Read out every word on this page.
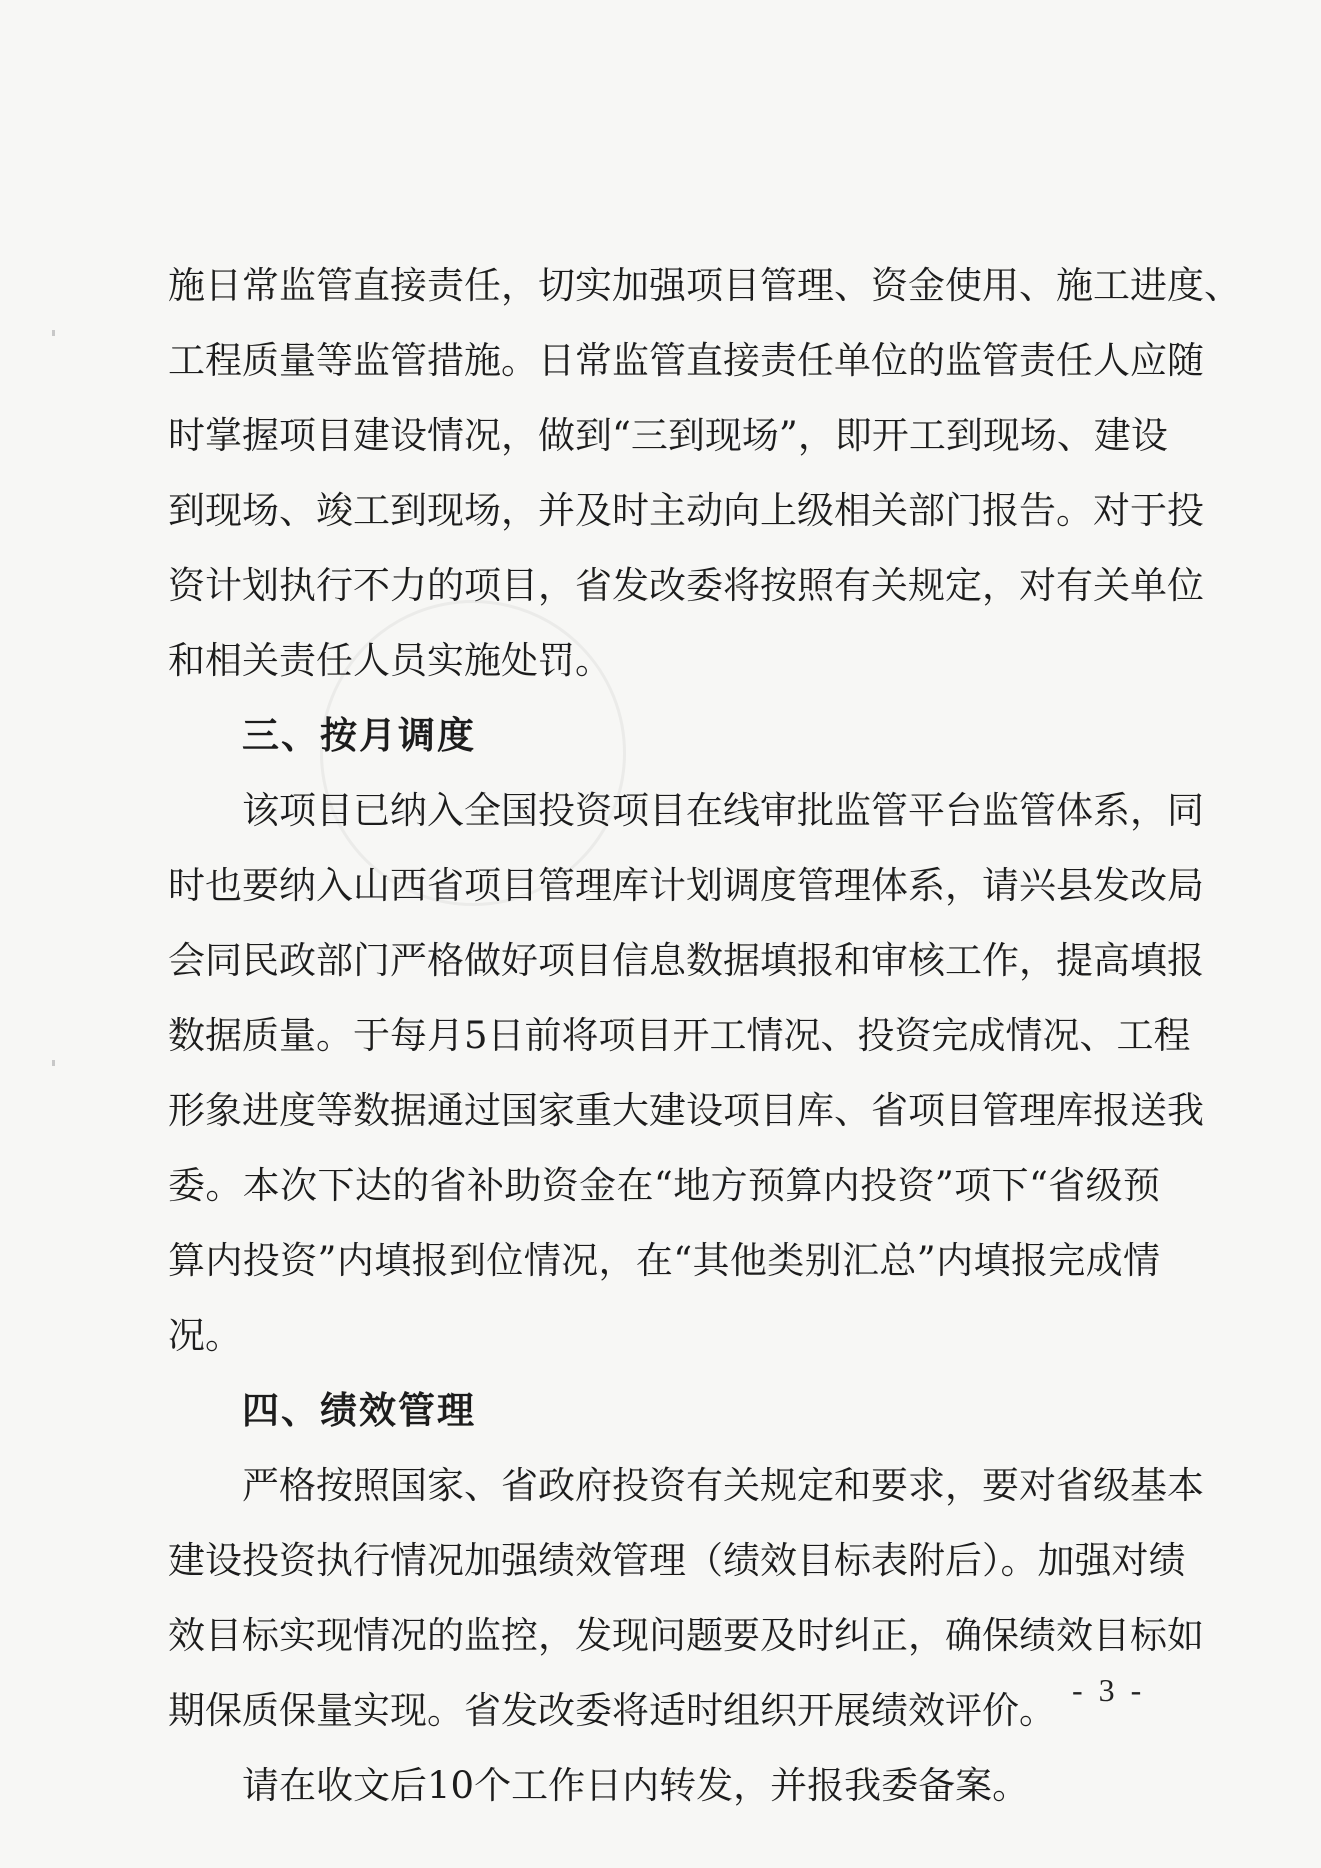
施日常监管直接责任，切实加强项目管理、资金使用、施工进度、
工程质量等监管措施。日常监管直接责任单位的监管责任人应随
时掌握项目建设情况，做到“三到现场”，即开工到现场、建设
到现场、竣工到现场，并及时主动向上级相关部门报告。对于投
资计划执行不力的项目，省发改委将按照有关规定，对有关单位
和相关责任人员实施处罚。
三、按月调度
该项目已纳入全国投资项目在线审批监管平台监管体系，同
时也要纳入山西省项目管理库计划调度管理体系，请兴县发改局
会同民政部门严格做好项目信息数据填报和审核工作，提高填报
数据质量。于每月5日前将项目开工情况、投资完成情况、工程
形象进度等数据通过国家重大建设项目库、省项目管理库报送我
委。本次下达的省补助资金在“地方预算内投资”项下“省级预
算内投资”内填报到位情况，在“其他类别汇总”内填报完成情
况。
四、绩效管理
严格按照国家、省政府投资有关规定和要求，要对省级基本
建设投资执行情况加强绩效管理（绩效目标表附后）。加强对绩
效目标实现情况的监控，发现问题要及时纠正，确保绩效目标如
期保质保量实现。省发改委将适时组织开展绩效评价。
请在收文后10个工作日内转发，并报我委备案。
- 3 -
